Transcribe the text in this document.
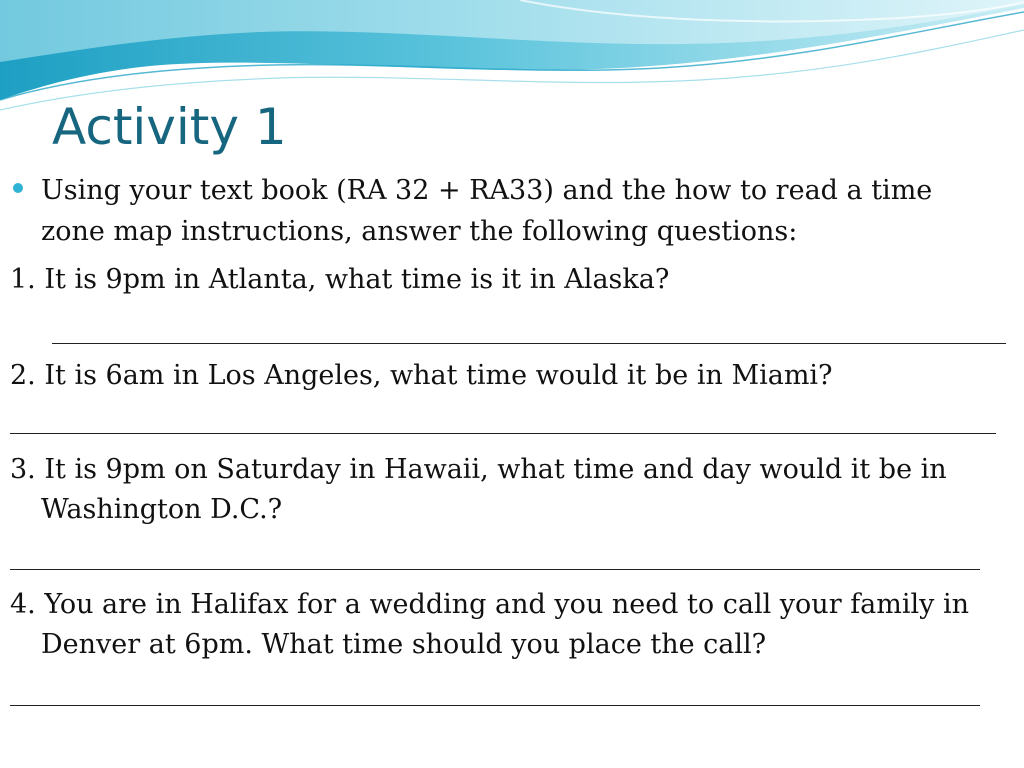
Activity 1
Using your text book (RA 32 + RA33) and the how to read a time zone map instructions, answer the following questions:
1. It is 9pm in Atlanta, what time is it in Alaska?
2. It is 6am in Los Angeles, what time would it be in Miami?
3. It is 9pm on Saturday in Hawaii, what time and day would it be in Washington D.C.?
4. You are in Halifax for a wedding and you need to call your family in Denver at 6pm. What time should you place the call?
